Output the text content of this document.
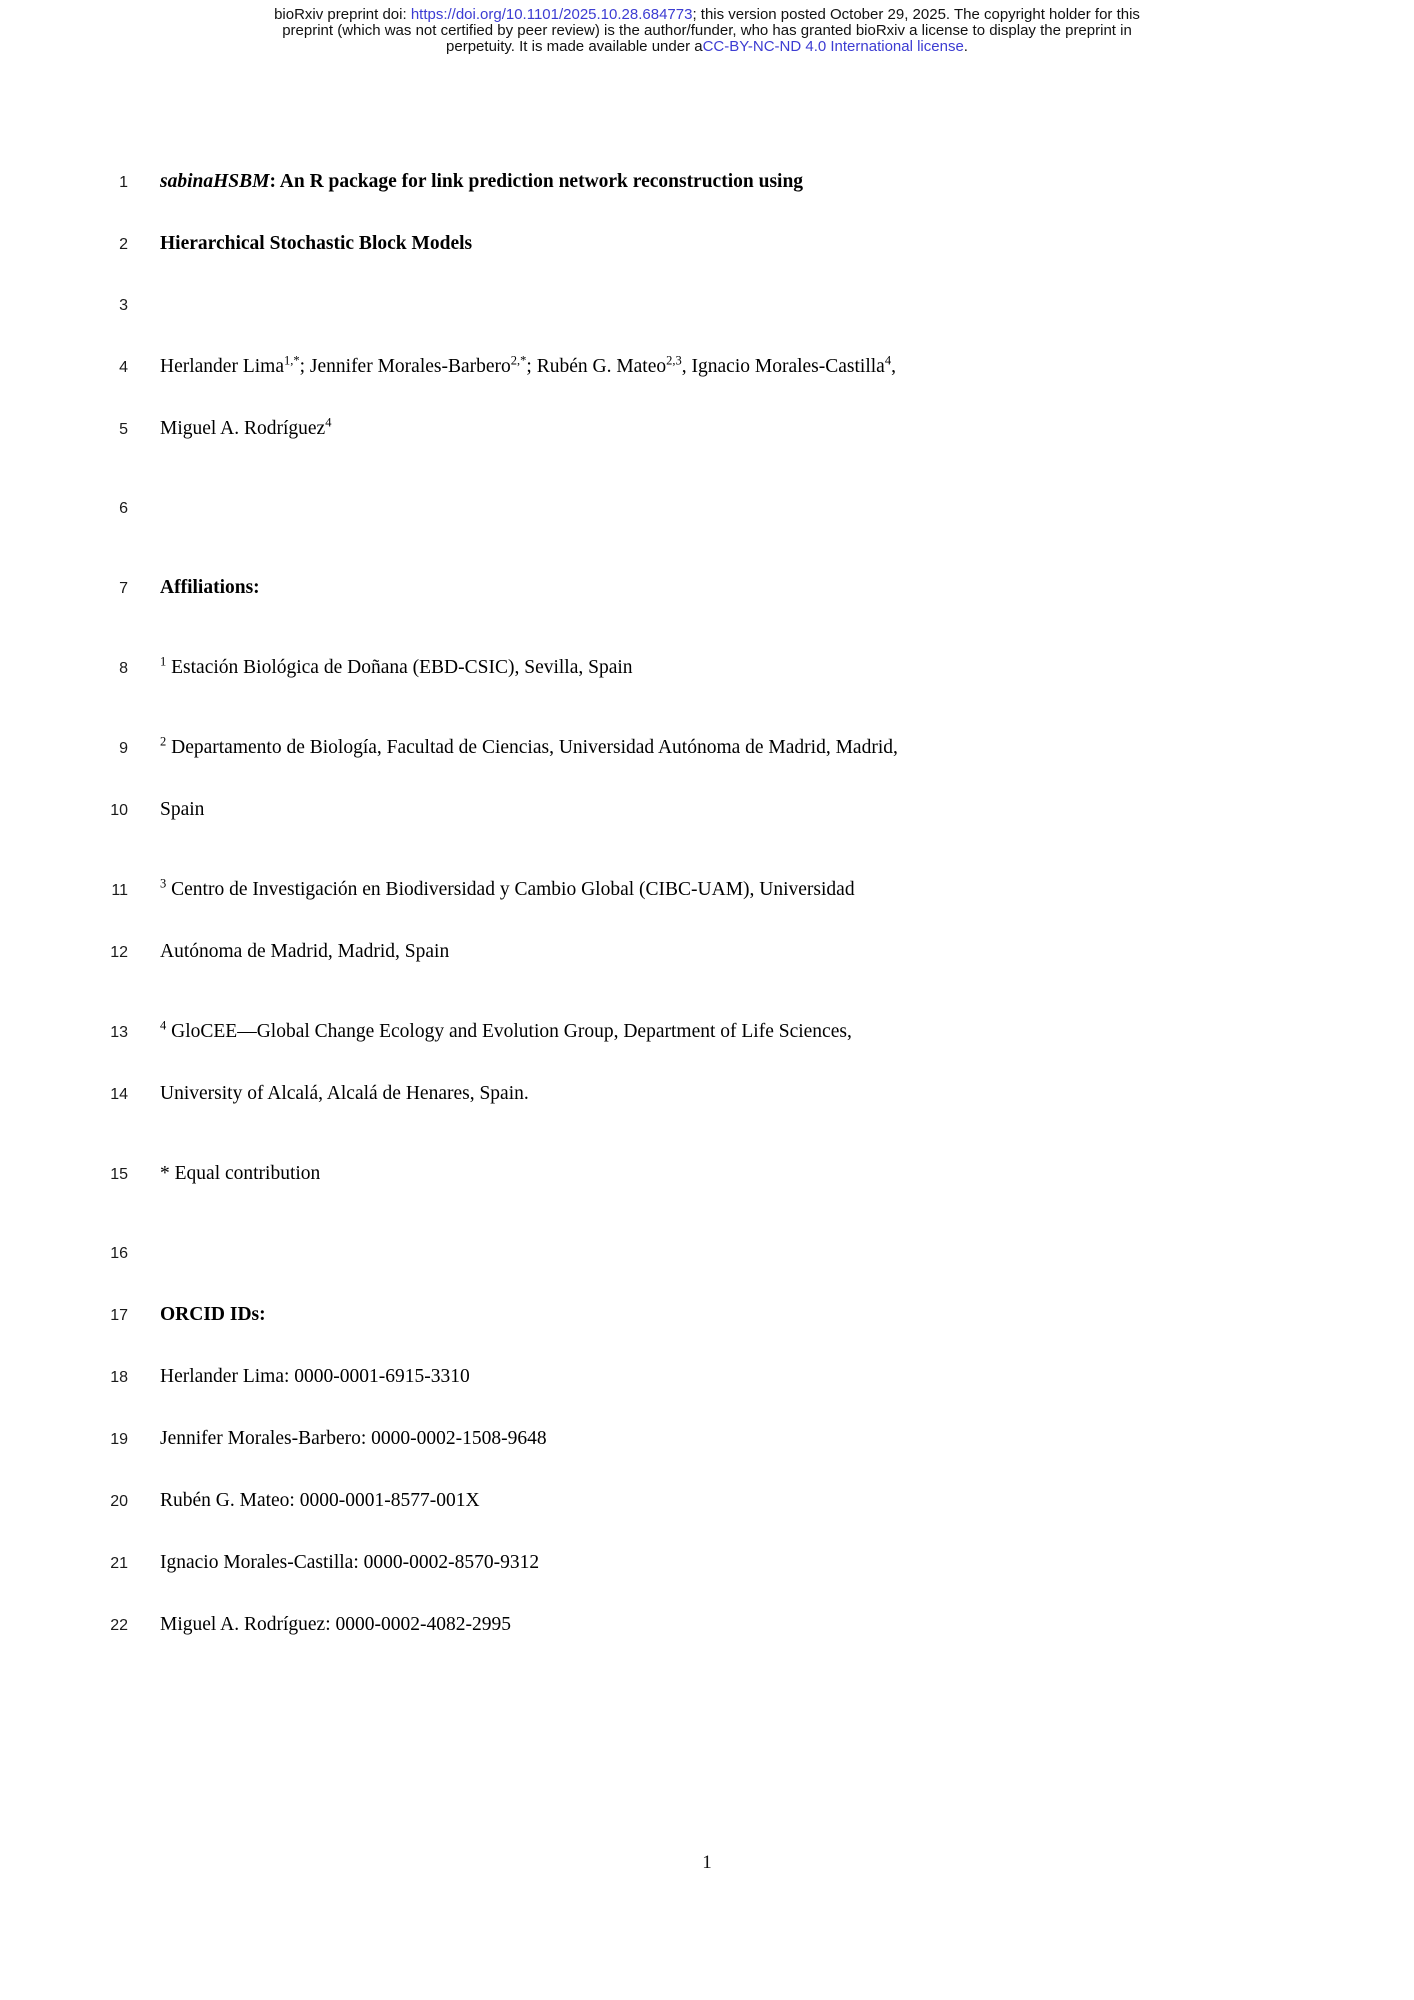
bioRxiv preprint doi: https://doi.org/10.1101/2025.10.28.684773; this version posted October 29, 2025. The copyright holder for this
preprint (which was not certified by peer review) is the author/funder, who has granted bioRxiv a license to display the preprint in
perpetuity. It is made available under aCC-BY-NC-ND 4.0 International license.
1 sabinaHSBM: An R package for link prediction network reconstruction using
2 Hierarchical Stochastic Block Models
3
4 Herlander Lima$^{1,*}$; Jennifer Morales-Barbero$^{2,*}$; Rubén G. Mateo$^{2,3}$, Ignacio Morales-Castilla$^4$,
5 Miguel A. Rodríguez$^4$
6
7 Affiliations:
8	$^1$ Estación Biológica de Doñana (EBD-CSIC), Sevilla, Spain
9	$^2$ Departamento de Biología, Facultad de Ciencias, Universidad Autónoma de Madrid, Madrid,
10 Spain
11	$^3$ Centro de Investigación en Biodiversidad y Cambio Global (CIBC-UAM), Universidad
12 Autónoma de Madrid, Madrid, Spain
13	$^4$ GloCEE—Global Change Ecology and Evolution Group, Department of Life Sciences,
14 University of Alcalá, Alcalá de Henares, Spain.
15 * Equal contribution
16
17 ORCID IDs:
18 Herlander Lima: 0000-0001-6915-3310
19 Jennifer Morales-Barbero: 0000-0002-1508-9648
20 Rubén G. Mateo: 0000-0001-8577-001X
21 Ignacio Morales-Castilla: 0000-0002-8570-9312
22 Miguel A. Rodríguez: 0000-0002-4082-2995
1
